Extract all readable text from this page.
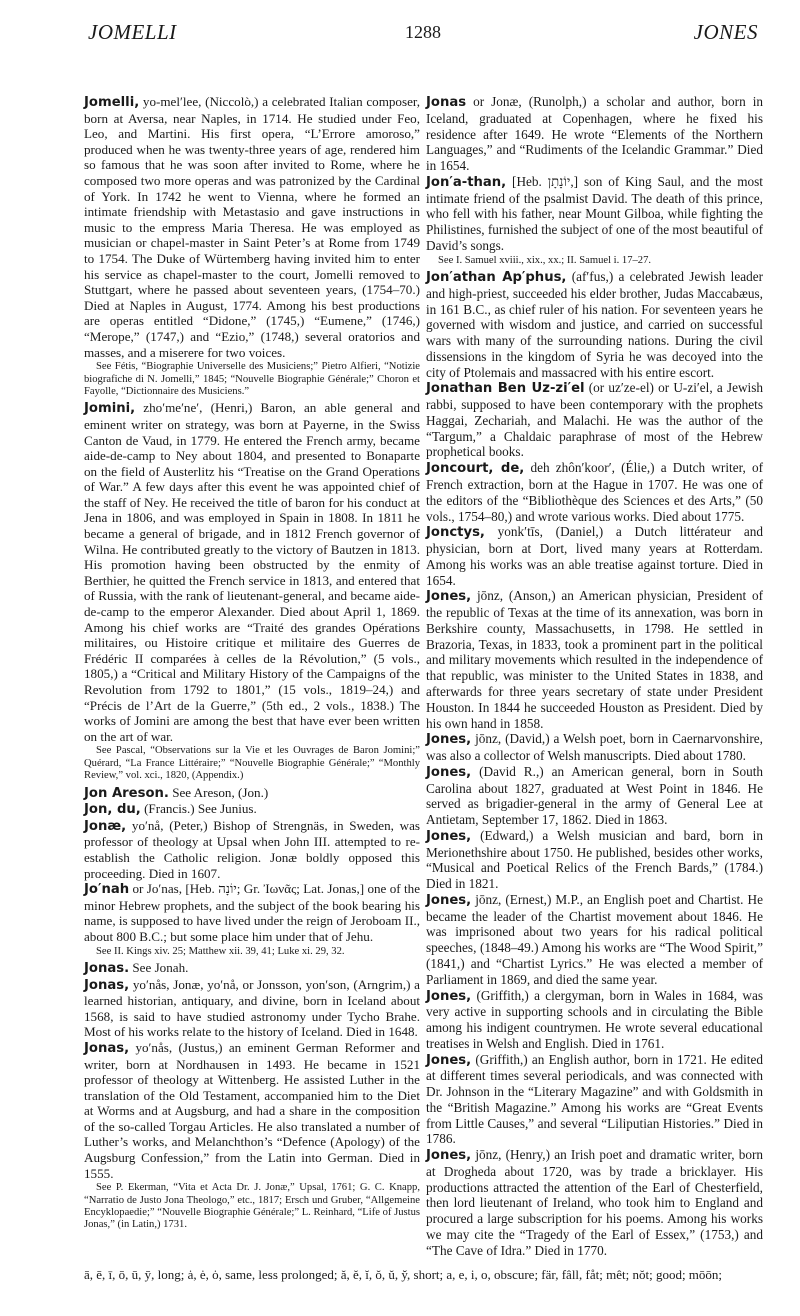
JOMELLI	1288	JONES

Jomelli, yo-mel′lee, (Niccolò,) a celebrated Italian composer, born at Aversa, near Naples, in 1714. He studied under Feo, Leo, and Martini. His first opera, “L’Errore amoroso,” produced when he was twenty-three years of age, rendered him so famous that he was soon after invited to Rome, where he composed two more operas and was patronized by the Cardinal of York. In 1742 he went to Vienna, where he formed an intimate friendship with Metastasio and gave instructions in music to the empress Maria Theresa. He was employed as musician or chapel-master in Saint Peter’s at Rome from 1749 to 1754. The Duke of Würtemberg having invited him to enter his service as chapel-master to the court, Jomelli removed to Stuttgart, where he passed about seventeen years, (1754–70.) Died at Naples in August, 1774. Among his best productions are operas entitled “Didone,” (1745,) “Eumene,” (1746,) “Merope,” (1747,) and “Ezio,” (1748,) several oratorios and masses, and a miserere for two voices.

See Fétis, “Biographie Universelle des Musiciens;” Pietro Alfieri, “Notizie biografiche di N. Jomelli,” 1845; “Nouvelle Biographie Générale;” Choron et Fayolle, “Dictionnaire des Musiciens.”

Jomini, zho′me′ne′, (Henri,) Baron, an able general and eminent writer on strategy, was born at Payerne, in the Swiss Canton de Vaud, in 1779. He entered the French army, became aide-de-camp to Ney about 1804, and presented to Bonaparte on the field of Austerlitz his “Treatise on the Grand Operations of War.” A few days after this event he was appointed chief of the staff of Ney. He received the title of baron for his conduct at Jena in 1806, and was employed in Spain in 1808. In 1811 he became a general of brigade, and in 1812 French governor of Wilna. He contributed greatly to the victory of Bautzen in 1813. His promotion having been obstructed by the enmity of Berthier, he quitted the French service in 1813, and entered that of Russia, with the rank of lieutenant-general, and became aide-de-camp to the emperor Alexander. Died about April 1, 1869. Among his chief works are “Traité des grandes Opérations militaires, ou Histoire critique et militaire des Guerres de Frédéric II comparées à celles de la Révolution,” (5 vols., 1805,) a “Critical and Military History of the Campaigns of the Revolution from 1792 to 1801,” (15 vols., 1819–24,) and “Précis de l’Art de la Guerre,” (5th ed., 2 vols., 1838.) The works of Jomini are among the best that have ever been written on the art of war.

See Pascal, “Observations sur la Vie et les Ouvrages de Baron Jomini;” Quérard, “La France Littéraire;” “Nouvelle Biographie Générale;” “Monthly Review,” vol. xci., 1820, (Appendix.)

Jon Areson. See Areson, (Jon.)

Jon, du, (Francis.) See Junius.

Jonæ, yo′nå, (Peter,) Bishop of Strengnäs, in Sweden, was professor of theology at Upsal when John III. attempted to re-establish the Catholic religion. Jonæ boldly opposed this proceeding. Died in 1607.

Jo′nah or Jo′nas, [Heb. יוֹנָה; Gr. Ἰωνᾶς; Lat. Jonas,] one of the minor Hebrew prophets, and the subject of the book bearing his name, is supposed to have lived under the reign of Jeroboam II., about 800 B.C.; but some place him under that of Jehu.

See II. Kings xiv. 25; Matthew xii. 39, 41; Luke xi. 29, 32.

Jonas. See Jonah.

Jonas, yo′nås, Jonæ, yo′nå, or Jonsson, yon′son, (Arngrim,) a learned historian, antiquary, and divine, born in Iceland about 1568, is said to have studied astronomy under Tycho Brahe. Most of his works relate to the history of Iceland. Died in 1648.

Jonas, yo′nås, (Justus,) an eminent German Reformer and writer, born at Nordhausen in 1493. He became in 1521 professor of theology at Wittenberg. He assisted Luther in the translation of the Old Testament, accompanied him to the Diet at Worms and at Augsburg, and had a share in the composition of the so-called Torgau Articles. He also translated a number of Luther’s works, and Melanchthon’s “Defence (Apology) of the Augsburg Confession,” from the Latin into German. Died in 1555.

See P. Ekerman, “Vita et Acta Dr. J. Jonæ,” Upsal, 1761; G. C. Knapp, “Narratio de Justo Jona Theologo,” etc., 1817; Ersch und Gruber, “Allgemeine Encyklopaedie;” “Nouvelle Biographie Générale;” L. Reinhard, “Life of Justus Jonas,” (in Latin,) 1731.

Jonas or Jonæ, (Runolph,) a scholar and author, born in Iceland, graduated at Copenhagen, where he fixed his residence after 1649. He wrote “Elements of the Northern Languages,” and “Rudiments of the Icelandic Grammar.” Died in 1654.

Jon′a-than, [Heb. יוֹנָתָן,] son of King Saul, and the most intimate friend of the psalmist David. The death of this prince, who fell with his father, near Mount Gilboa, while fighting the Philistines, furnished the subject of one of the most beautiful of David’s songs.

See I. Samuel xviii., xix., xx.; II. Samuel i. 17–27.

Jon′athan Ap′phus, (af′fus,) a celebrated Jewish leader and high-priest, succeeded his elder brother, Judas Maccabæus, in 161 B.C., as chief ruler of his nation. For seventeen years he governed with wisdom and justice, and carried on successful wars with many of the surrounding nations. During the civil dissensions in the kingdom of Syria he was decoyed into the city of Ptolemais and massacred with his entire escort.

Jonathan Ben Uz-zi′el (or uz′ze-el) or U-zi′el, a Jewish rabbi, supposed to have been contemporary with the prophets Haggai, Zechariah, and Malachi. He was the author of the “Targum,” a Chaldaic paraphrase of most of the Hebrew prophetical books.

Joncourt, de, deh zhôn′koor′, (Élie,) a Dutch writer, of French extraction, born at the Hague in 1707. He was one of the editors of the “Bibliothèque des Sciences et des Arts,” (50 vols., 1754–80,) and wrote various works. Died about 1775.

Jonctys, yonk′tīs, (Daniel,) a Dutch littérateur and physician, born at Dort, lived many years at Rotterdam. Among his works was an able treatise against torture. Died in 1654.

Jones, jōnz, (Anson,) an American physician, President of the republic of Texas at the time of its annexation, was born in Berkshire county, Massachusetts, in 1798. He settled in Brazoria, Texas, in 1833, took a prominent part in the political and military movements which resulted in the independence of that republic, was minister to the United States in 1838, and afterwards for three years secretary of state under President Houston. In 1844 he succeeded Houston as President. Died by his own hand in 1858.

Jones, jōnz, (David,) a Welsh poet, born in Caernarvonshire, was also a collector of Welsh manuscripts. Died about 1780.

Jones, (David R.,) an American general, born in South Carolina about 1827, graduated at West Point in 1846. He served as brigadier-general in the army of General Lee at Antietam, September 17, 1862. Died in 1863.

Jones, (Edward,) a Welsh musician and bard, born in Merionethshire about 1750. He published, besides other works, “Musical and Poetical Relics of the French Bards,” (1784.) Died in 1821.

Jones, jōnz, (Ernest,) M.P., an English poet and Chartist. He became the leader of the Chartist movement about 1846. He was imprisoned about two years for his radical political speeches, (1848–49.) Among his works are “The Wood Spirit,” (1841,) and “Chartist Lyrics.” He was elected a member of Parliament in 1869, and died the same year.

Jones, (Griffith,) a clergyman, born in Wales in 1684, was very active in supporting schools and in circulating the Bible among his indigent countrymen. He wrote several educational treatises in Welsh and English. Died in 1761.

Jones, (Griffith,) an English author, born in 1721. He edited at different times several periodicals, and was connected with Dr. Johnson in the “Literary Magazine” and with Goldsmith in the “British Magazine.” Among his works are “Great Events from Little Causes,” and several “Liliputian Histories.” Died in 1786.

Jones, jōnz, (Henry,) an Irish poet and dramatic writer, born at Drogheda about 1720, was by trade a bricklayer. His productions attracted the attention of the Earl of Chesterfield, then lord lieutenant of Ireland, who took him to England and procured a large subscription for his poems. Among his works we may cite the “Tragedy of the Earl of Essex,” (1753,) and “The Cave of Idra.” Died in 1770.

ā, ē, ī, ō, ū, ȳ, long; ȧ, ė, ȯ, same, less prolonged; ă, ĕ, ĭ, ŏ, ŭ, y̆, short; a, e, i, o, obscure; fär, fâll, fåt; mêt; nŏt; good; mōōn;
